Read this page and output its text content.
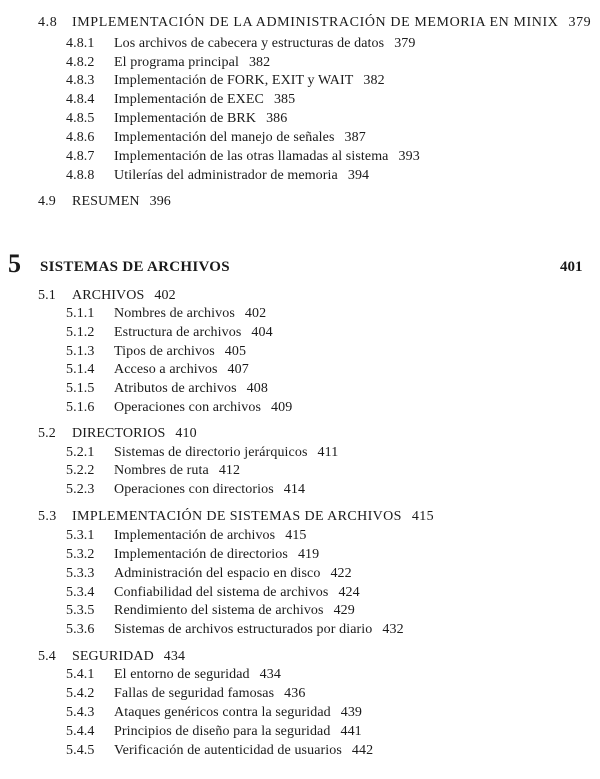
4.8 IMPLEMENTACIÓN DE LA ADMINISTRACIÓN DE MEMORIA EN MINIX 379
4.8.1 Los archivos de cabecera y estructuras de datos 379
4.8.2 El programa principal 382
4.8.3 Implementación de FORK, EXIT y WAIT 382
4.8.4 Implementación de EXEC 385
4.8.5 Implementación de BRK 386
4.8.6 Implementación del manejo de señales 387
4.8.7 Implementación de las otras llamadas al sistema 393
4.8.8 Utilerías del administrador de memoria 394
4.9 RESUMEN 396
5 SISTEMAS DE ARCHIVOS	401
5.1 ARCHIVOS 402
5.1.1 Nombres de archivos 402
5.1.2 Estructura de archivos 404
5.1.3 Tipos de archivos 405
5.1.4 Acceso a archivos 407
5.1.5 Atributos de archivos 408
5.1.6 Operaciones con archivos 409
5.2 DIRECTORIOS 410
5.2.1 Sistemas de directorio jerárquicos 411
5.2.2 Nombres de ruta 412
5.2.3 Operaciones con directorios 414
5.3 IMPLEMENTACIÓN DE SISTEMAS DE ARCHIVOS 415
5.3.1 Implementación de archivos 415
5.3.2 Implementación de directorios 419
5.3.3 Administración del espacio en disco 422
5.3.4 Confiabilidad del sistema de archivos 424
5.3.5 Rendimiento del sistema de archivos 429
5.3.6 Sistemas de archivos estructurados por diario 432
5.4 SEGURIDAD 434
5.4.1 El entorno de seguridad 434
5.4.2 Fallas de seguridad famosas 436
5.4.3 Ataques genéricos contra la seguridad 439
5.4.4 Principios de diseño para la seguridad 441
5.4.5 Verificación de autenticidad de usuarios 442
